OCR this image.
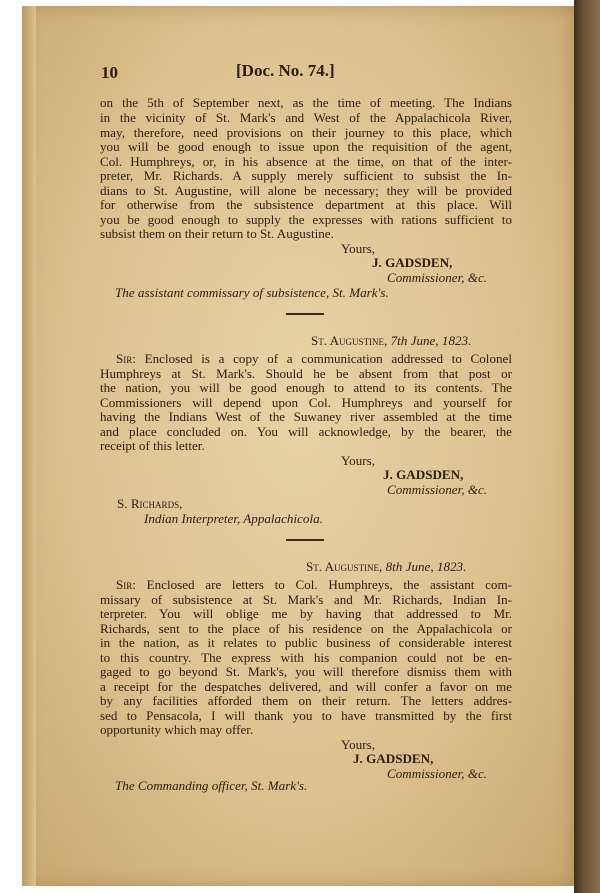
10	[Doc. No. 74.]
on the 5th of September next, as the time of meeting. The Indians
in the vicinity of St. Mark's and West of the Appalachicola River,
may, therefore, need provisions on their journey to this place, which
you will be good enough to issue upon the requisition of the agent,
Col. Humphreys, or, in his absence at the time, on that of the inter-
preter, Mr. Richards. A supply merely sufficient to subsist the In-
dians to St. Augustine, will alone be necessary; they will be provided
for otherwise from the subsistence department at this place. Will
you be good enough to supply the expresses with rations sufficient to
subsist them on their return to St. Augustine.
Yours,
J. GADSDEN,
Commissioner, &c.
The assistant commissary of subsistence, St. Mark's.
St. Augustine, 7th June, 1823.
Sir: Enclosed is a copy of a communication addressed to Colonel
Humphreys at St. Mark's. Should he be absent from that post or
the nation, you will be good enough to attend to its contents. The
Commissioners will depend upon Col. Humphreys and yourself for
having the Indians West of the Suwaney river assembled at the time
and place concluded on. You will acknowledge, by the bearer, the
receipt of this letter.
Yours,
J. GADSDEN,
Commissioner, &c.
S. Richards,
Indian Interpreter, Appalachicola.
St. Augustine, 8th June, 1823.
Sir: Enclosed are letters to Col. Humphreys, the assistant com-
missary of subsistence at St. Mark's and Mr. Richards, Indian In-
terpreter. You will oblige me by having that addressed to Mr.
Richards, sent to the place of his residence on the Appalachicola or
in the nation, as it relates to public business of considerable interest
to this country. The express with his companion could not be en-
gaged to go beyond St. Mark's, you will therefore dismiss them with
a receipt for the despatches delivered, and will confer a favor on me
by any facilities afforded them on their return. The letters addres-
sed to Pensacola, I will thank you to have transmitted by the first
opportunity which may offer.
Yours,
J. GADSDEN,
Commissioner, &c.
The Commanding officer, St. Mark's.
